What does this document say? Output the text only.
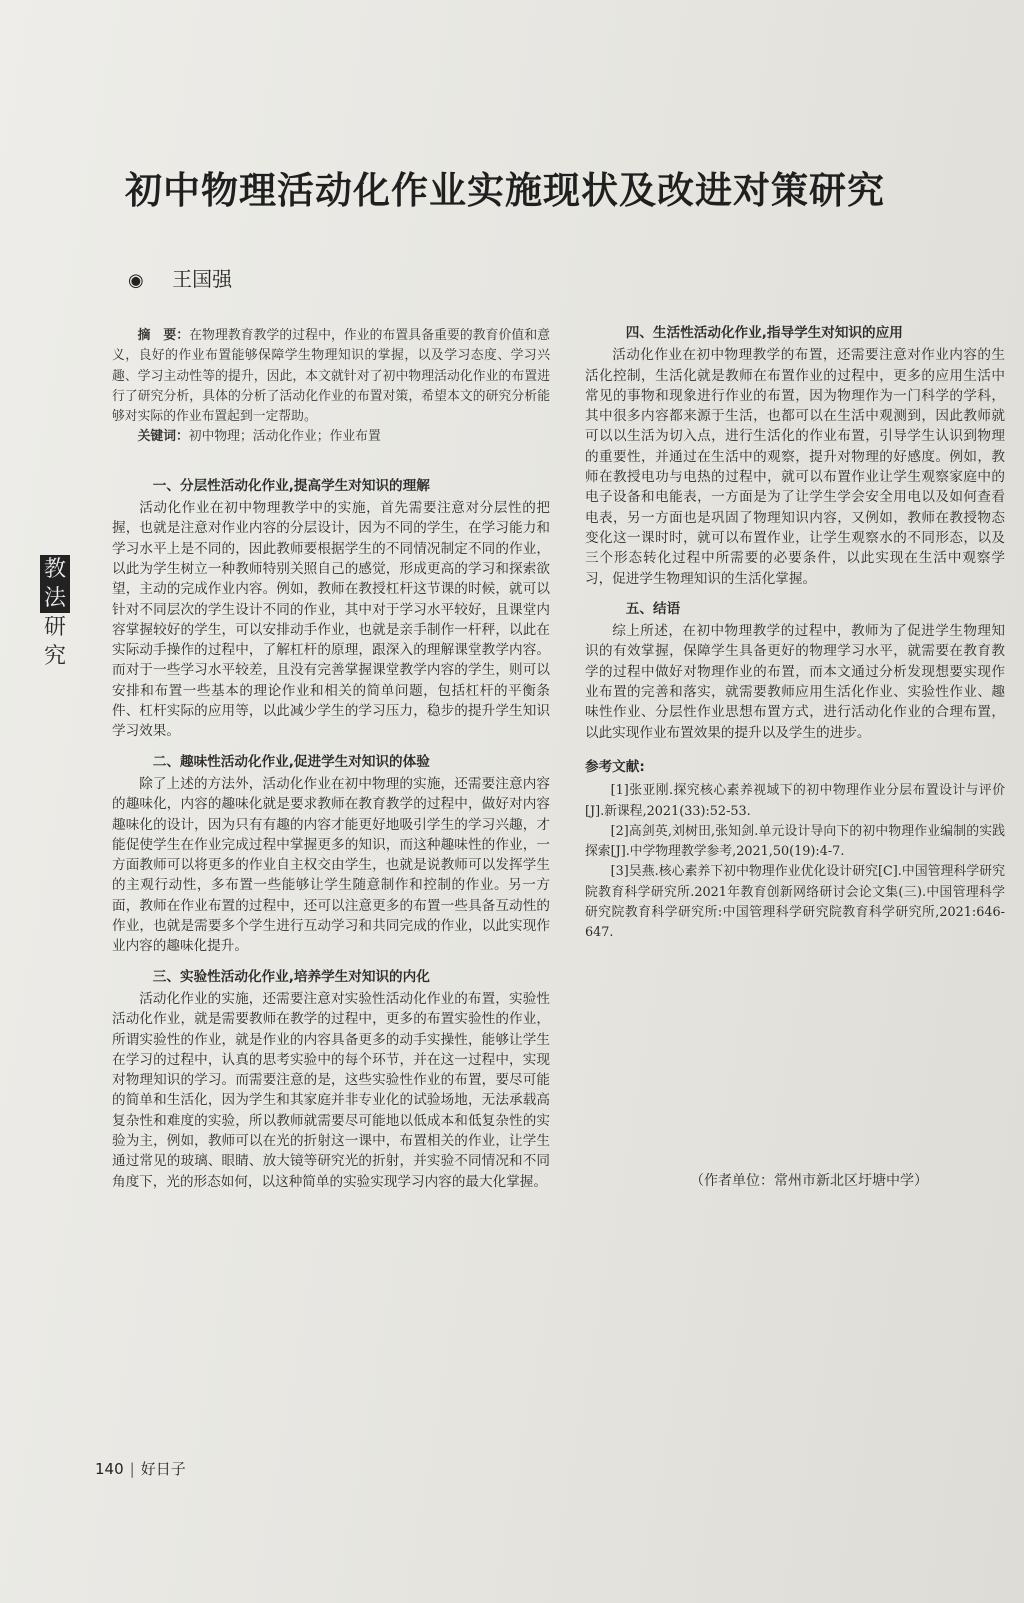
初中物理活动化作业实施现状及改进对策研究
◉ 王国强
教法
研究

摘　要：在物理教育教学的过程中，作业的布置具备重要的教育价值和意义，良好的作业布置能够保障学生物理知识的掌握，以及学习态度、学习兴趣、学习主动性等的提升，因此，本文就针对了初中物理活动化作业的布置进行了研究分析，具体的分析了活动化作业的布置对策，希望本文的研究分析能够对实际的作业布置起到一定帮助。

关键词：初中物理；活动化作业；作业布置

一、分层性活动化作业,提高学生对知识的理解

活动化作业在初中物理教学中的实施，首先需要注意对分层性的把握，也就是注意对作业内容的分层设计，因为不同的学生，在学习能力和学习水平上是不同的，因此教师要根据学生的不同情况制定不同的作业，以此为学生树立一种教师特别关照自己的感觉，形成更高的学习和探索欲望，主动的完成作业内容。例如，教师在教授杠杆这节课的时候，就可以针对不同层次的学生设计不同的作业，其中对于学习水平较好，且课堂内容掌握较好的学生，可以安排动手作业，也就是亲手制作一杆秤，以此在实际动手操作的过程中，了解杠杆的原理，跟深入的理解课堂教学内容。而对于一些学习水平较差，且没有完善掌握课堂教学内容的学生，则可以安排和布置一些基本的理论作业和相关的简单问题，包括杠杆的平衡条件、杠杆实际的应用等，以此减少学生的学习压力，稳步的提升学生知识学习效果。

二、趣味性活动化作业,促进学生对知识的体验

除了上述的方法外，活动化作业在初中物理的实施，还需要注意内容的趣味化，内容的趣味化就是要求教师在教育教学的过程中，做好对内容趣味化的设计，因为只有有趣的内容才能更好地吸引学生的学习兴趣，才能促使学生在作业完成过程中掌握更多的知识，而这种趣味性的作业，一方面教师可以将更多的作业自主权交由学生，也就是说教师可以发挥学生的主观行动性，多布置一些能够让学生随意制作和控制的作业。另一方面，教师在作业布置的过程中，还可以注意更多的布置一些具备互动性的作业，也就是需要多个学生进行互动学习和共同完成的作业，以此实现作业内容的趣味化提升。

三、实验性活动化作业,培养学生对知识的内化

活动化作业的实施，还需要注意对实验性活动化作业的布置，实验性活动化作业，就是需要教师在教学的过程中，更多的布置实验性的作业，所谓实验性的作业，就是作业的内容具备更多的动手实操性，能够让学生在学习的过程中，认真的思考实验中的每个环节，并在这一过程中，实现对物理知识的学习。而需要注意的是，这些实验性作业的布置，要尽可能的简单和生活化，因为学生和其家庭并非专业化的试验场地，无法承载高复杂性和难度的实验，所以教师就需要尽可能地以低成本和低复杂性的实验为主，例如，教师可以在光的折射这一课中，布置相关的作业，让学生通过常见的玻璃、眼睛、放大镜等研究光的折射，并实验不同情况和不同角度下，光的形态如何，以这种简单的实验实现学习内容的最大化掌握。

四、生活性活动化作业,指导学生对知识的应用

活动化作业在初中物理教学的布置，还需要注意对作业内容的生活化控制，生活化就是教师在布置作业的过程中，更多的应用生活中常见的事物和现象进行作业的布置，因为物理作为一门科学的学科，其中很多内容都来源于生活，也都可以在生活中观测到，因此教师就可以以生活为切入点，进行生活化的作业布置，引导学生认识到物理的重要性，并通过在生活中的观察，提升对物理的好感度。例如，教师在教授电功与电热的过程中，就可以布置作业让学生观察家庭中的电子设备和电能表，一方面是为了让学生学会安全用电以及如何查看电表，另一方面也是巩固了物理知识内容，又例如，教师在教授物态变化这一课时时，就可以布置作业，让学生观察水的不同形态，以及三个形态转化过程中所需要的必要条件，以此实现在生活中观察学习，促进学生物理知识的生活化掌握。

五、结语

综上所述，在初中物理教学的过程中，教师为了促进学生物理知识的有效掌握，保障学生具备更好的物理学习水平，就需要在教育教学的过程中做好对物理作业的布置，而本文通过分析发现想要实现作业布置的完善和落实，就需要教师应用生活化作业、实验性作业、趣味性作业、分层性作业思想布置方式，进行活动化作业的合理布置，以此实现作业布置效果的提升以及学生的进步。

参考文献:

[1]张亚刚.探究核心素养视域下的初中物理作业分层布置设计与评价[J].新课程,2021(33):52-53.

[2]高剑英,刘树田,张知剑.单元设计导向下的初中物理作业编制的实践探索[J].中学物理教学参考,2021,50(19):4-7.

[3]吴燕.核心素养下初中物理作业优化设计研究[C].中国管理科学研究院教育科学研究所.2021年教育创新网络研讨会论文集(三).中国管理科学研究院教育科学研究所:中国管理科学研究院教育科学研究所,2021:646-647.

（作者单位：常州市新北区圩塘中学）
140 | 好日子
